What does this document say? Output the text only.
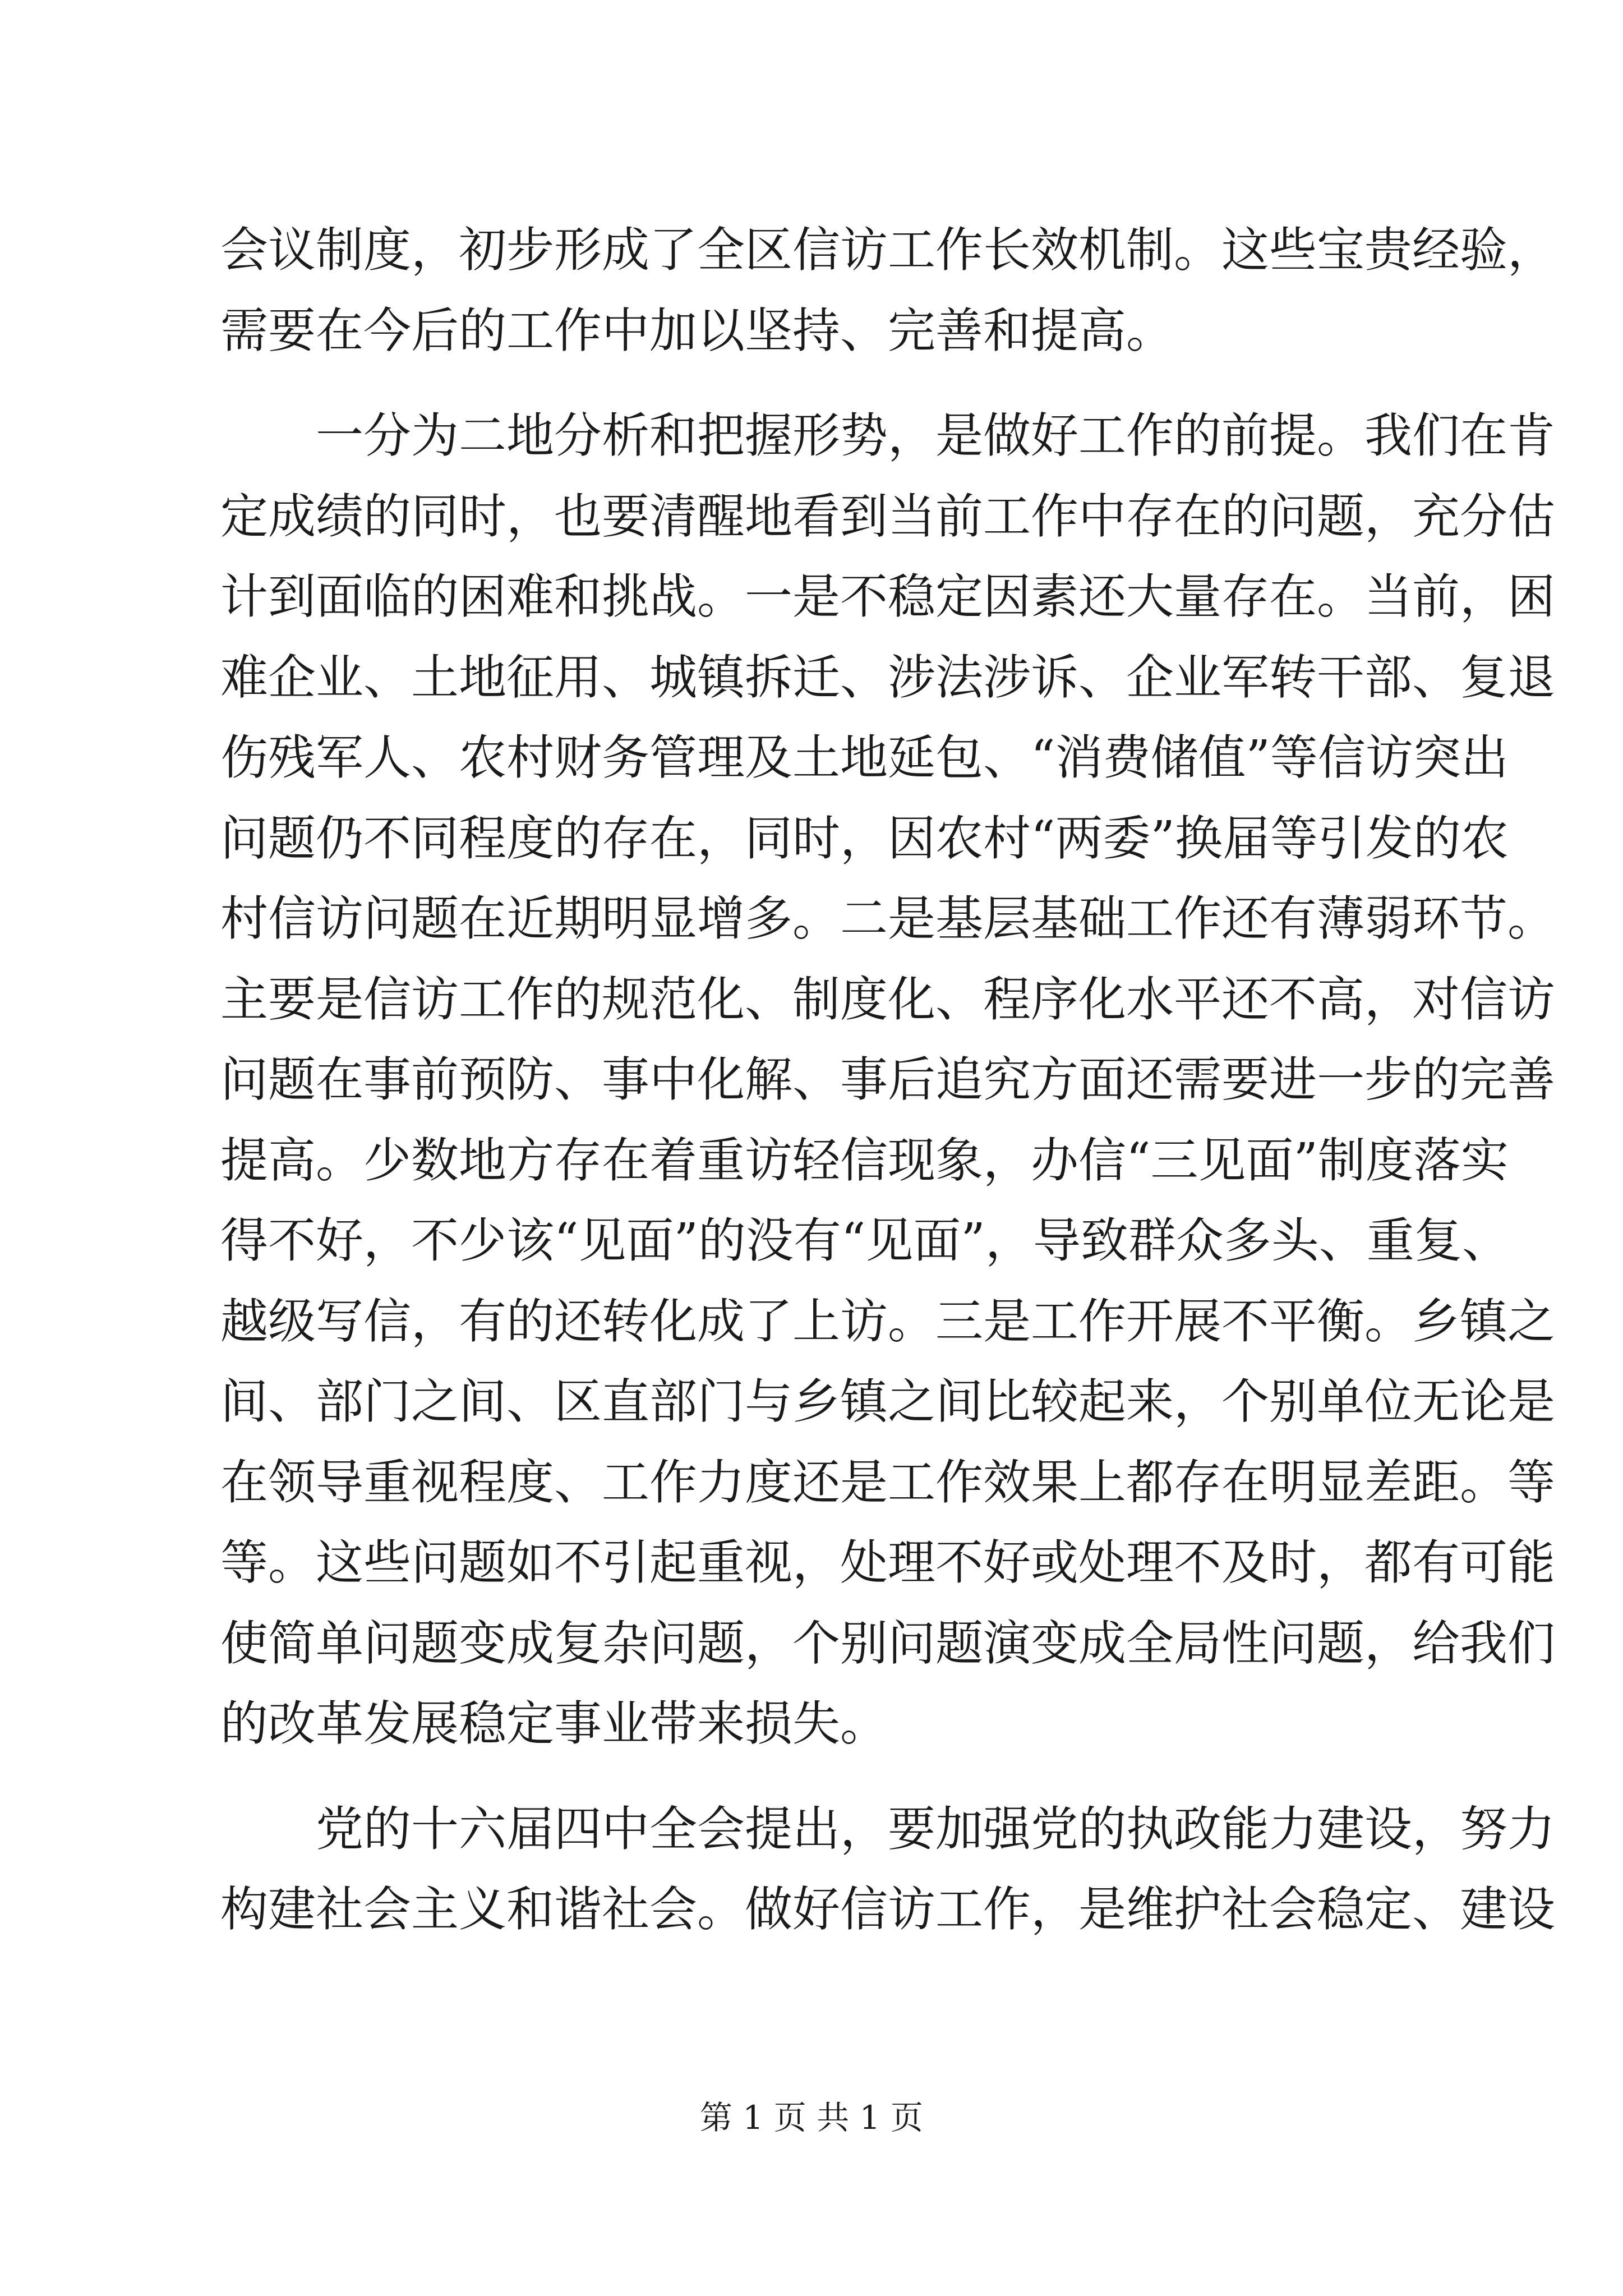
会议制度，初步形成了全区信访工作长效机制。这些宝贵经验，
需要在今后的工作中加以坚持、完善和提高。
　　一分为二地分析和把握形势，是做好工作的前提。我们在肯
定成绩的同时，也要清醒地看到当前工作中存在的问题，充分估
计到面临的困难和挑战。一是不稳定因素还大量存在。当前，困
难企业、土地征用、城镇拆迁、涉法涉诉、企业军转干部、复退
伤残军人、农村财务管理及土地延包、“消费储值”等信访突出
问题仍不同程度的存在，同时，因农村“两委”换届等引发的农
村信访问题在近期明显增多。二是基层基础工作还有薄弱环节。
主要是信访工作的规范化、制度化、程序化水平还不高，对信访
问题在事前预防、事中化解、事后追究方面还需要进一步的完善
提高。少数地方存在着重访轻信现象，办信“三见面”制度落实
得不好，不少该“见面”的没有“见面”，导致群众多头、重复、
越级写信，有的还转化成了上访。三是工作开展不平衡。乡镇之
间、部门之间、区直部门与乡镇之间比较起来，个别单位无论是
在领导重视程度、工作力度还是工作效果上都存在明显差距。等
等。这些问题如不引起重视，处理不好或处理不及时，都有可能
使简单问题变成复杂问题，个别问题演变成全局性问题，给我们
的改革发展稳定事业带来损失。
　　党的十六届四中全会提出，要加强党的执政能力建设，努力
构建社会主义和谐社会。做好信访工作，是维护社会稳定、建设
第 1 页 共 1 页
